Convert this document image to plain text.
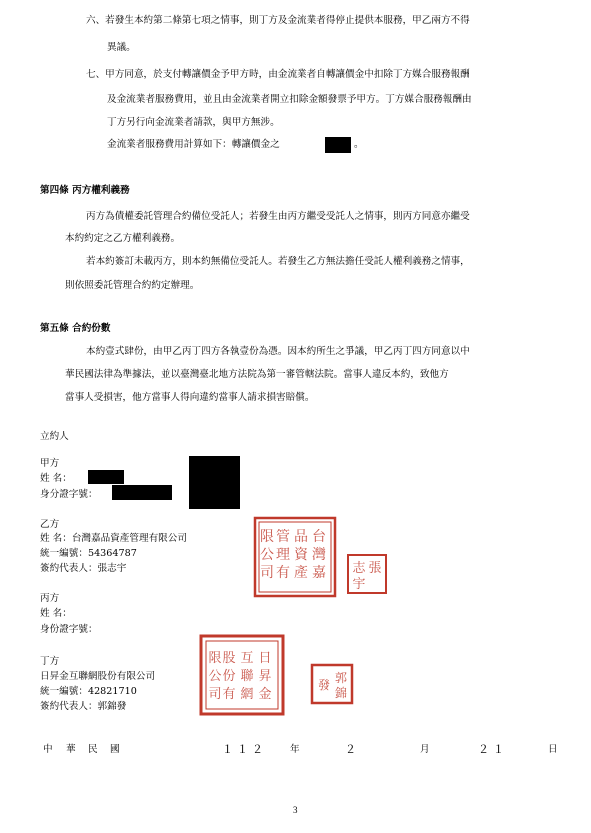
六、若發生本約第二條第七項之情事，則丁方及金流業者得停止提供本服務，甲乙兩方不得
異議。
七、甲方同意，於支付轉讓價金予甲方時，由金流業者自轉讓價金中扣除丁方媒合服務報酬
及金流業者服務費用，並且由金流業者開立扣除金額發票予甲方。丁方媒合服務報酬由
丁方另行向金流業者請款，與甲方無涉。
金流業者服務費用計算如下：轉讓價金之	。
第四條 丙方權利義務
丙方為債權委託管理合約備位受託人；若發生由丙方繼受受託人之情事，則丙方同意亦繼受
本約約定之乙方權利義務。
若本約簽訂未載丙方，則本約無備位受託人。若發生乙方無法擔任受託人權利義務之情事，
則依照委託管理合約約定辦理。
第五條 合約份數
本約壹式肆份，由甲乙丙丁四方各執壹份為憑。因本約所生之爭議，甲乙丙丁四方同意以中
華民國法律為準據法，並以臺灣臺北地方法院為第一審管轄法院。當事人違反本約，致他方
當事人受損害，他方當事人得向違約當事人請求損害賠償。
立約人
甲方
姓 名：
身分證字號：
乙方
姓 名：台灣嘉品資產管理有限公司
統一編號：54364787
簽約代表人：張志宇
台
灣
嘉
品
資
產
管
理
有
限
公
司	張
志
宇
丙方
姓 名：
身份證字號：
丁方
日昇金互聯網股份有限公司
統一編號：42821710
簽約代表人：郭錦發
日
昇
金
互
聯
網
股
份
有
限
公
司
郭
錦
發
中 華 民 國	１１２ 年	２	月	２１	日
3
